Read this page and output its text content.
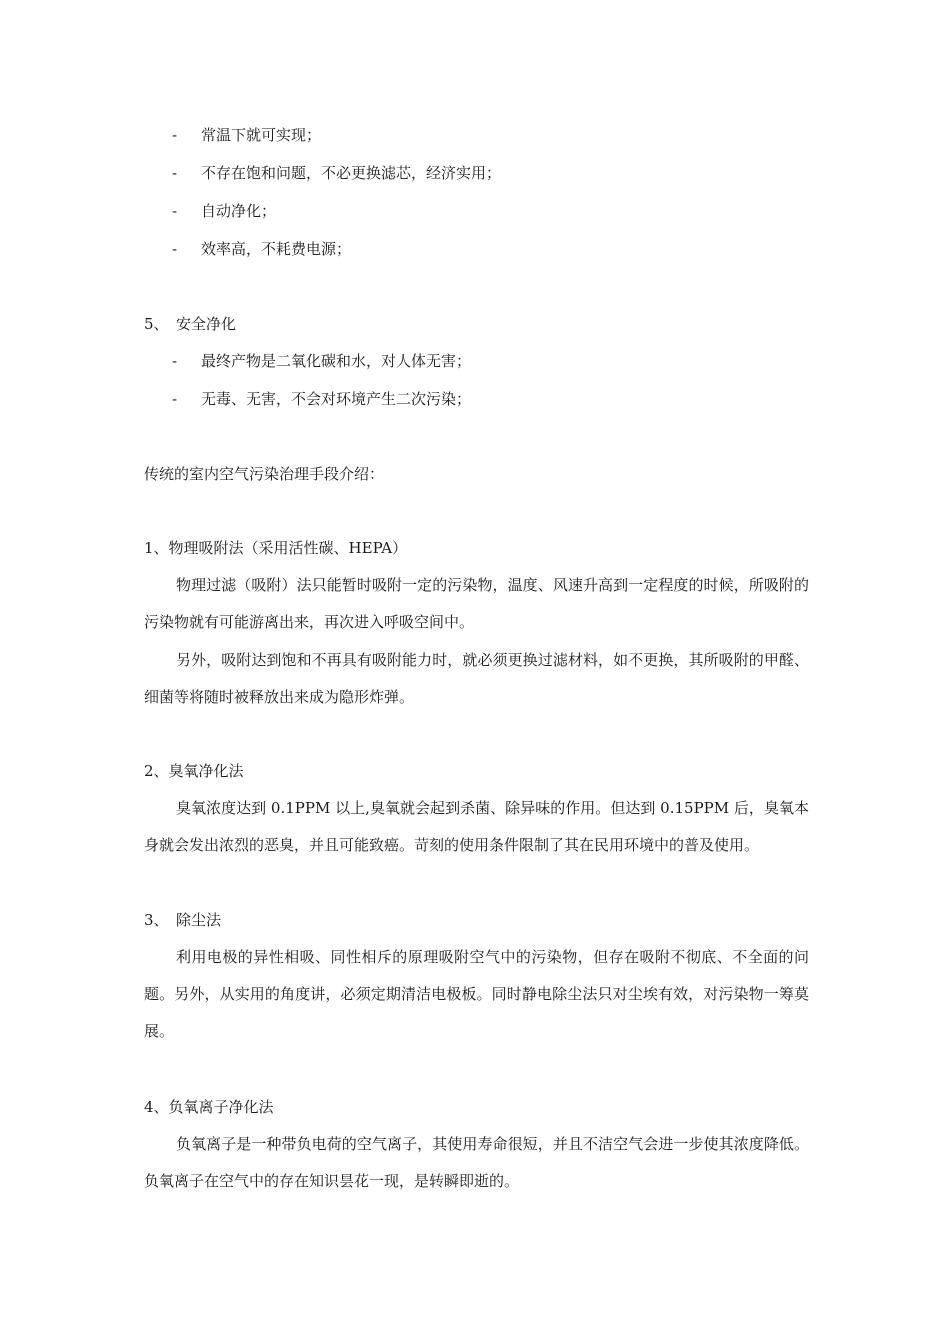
- 常温下就可实现；
- 不存在饱和问题，不必更换滤芯，经济实用；
- 自动净化；
- 效率高，不耗费电源；
5、 安全净化
- 最终产物是二氧化碳和水，对人体无害；
- 无毒、无害，不会对环境产生二次污染；
传统的室内空气污染治理手段介绍：
1、物理吸附法（采用活性碳、HEPA）

物理过滤（吸附）法只能暂时吸附一定的污染物，温度、风速升高到一定程度的时候，所吸附的污染物就有可能游离出来，再次进入呼吸空间中。

另外，吸附达到饱和不再具有吸附能力时，就必须更换过滤材料，如不更换，其所吸附的甲醛、细菌等将随时被释放出来成为隐形炸弹。

2、臭氧净化法

臭氧浓度达到 0.1PPM 以上,臭氧就会起到杀菌、除异味的作用。但达到 0.15PPM 后，臭氧本身就会发出浓烈的恶臭，并且可能致癌。苛刻的使用条件限制了其在民用环境中的普及使用。

3、 除尘法

利用电极的异性相吸、同性相斥的原理吸附空气中的污染物，但存在吸附不彻底、不全面的问题。另外，从实用的角度讲，必须定期清洁电极板。同时静电除尘法只对尘埃有效，对污染物一筹莫展。

4、负氧离子净化法

负氧离子是一种带负电荷的空气离子，其使用寿命很短，并且不洁空气会进一步使其浓度降低。负氧离子在空气中的存在知识昙花一现，是转瞬即逝的。
